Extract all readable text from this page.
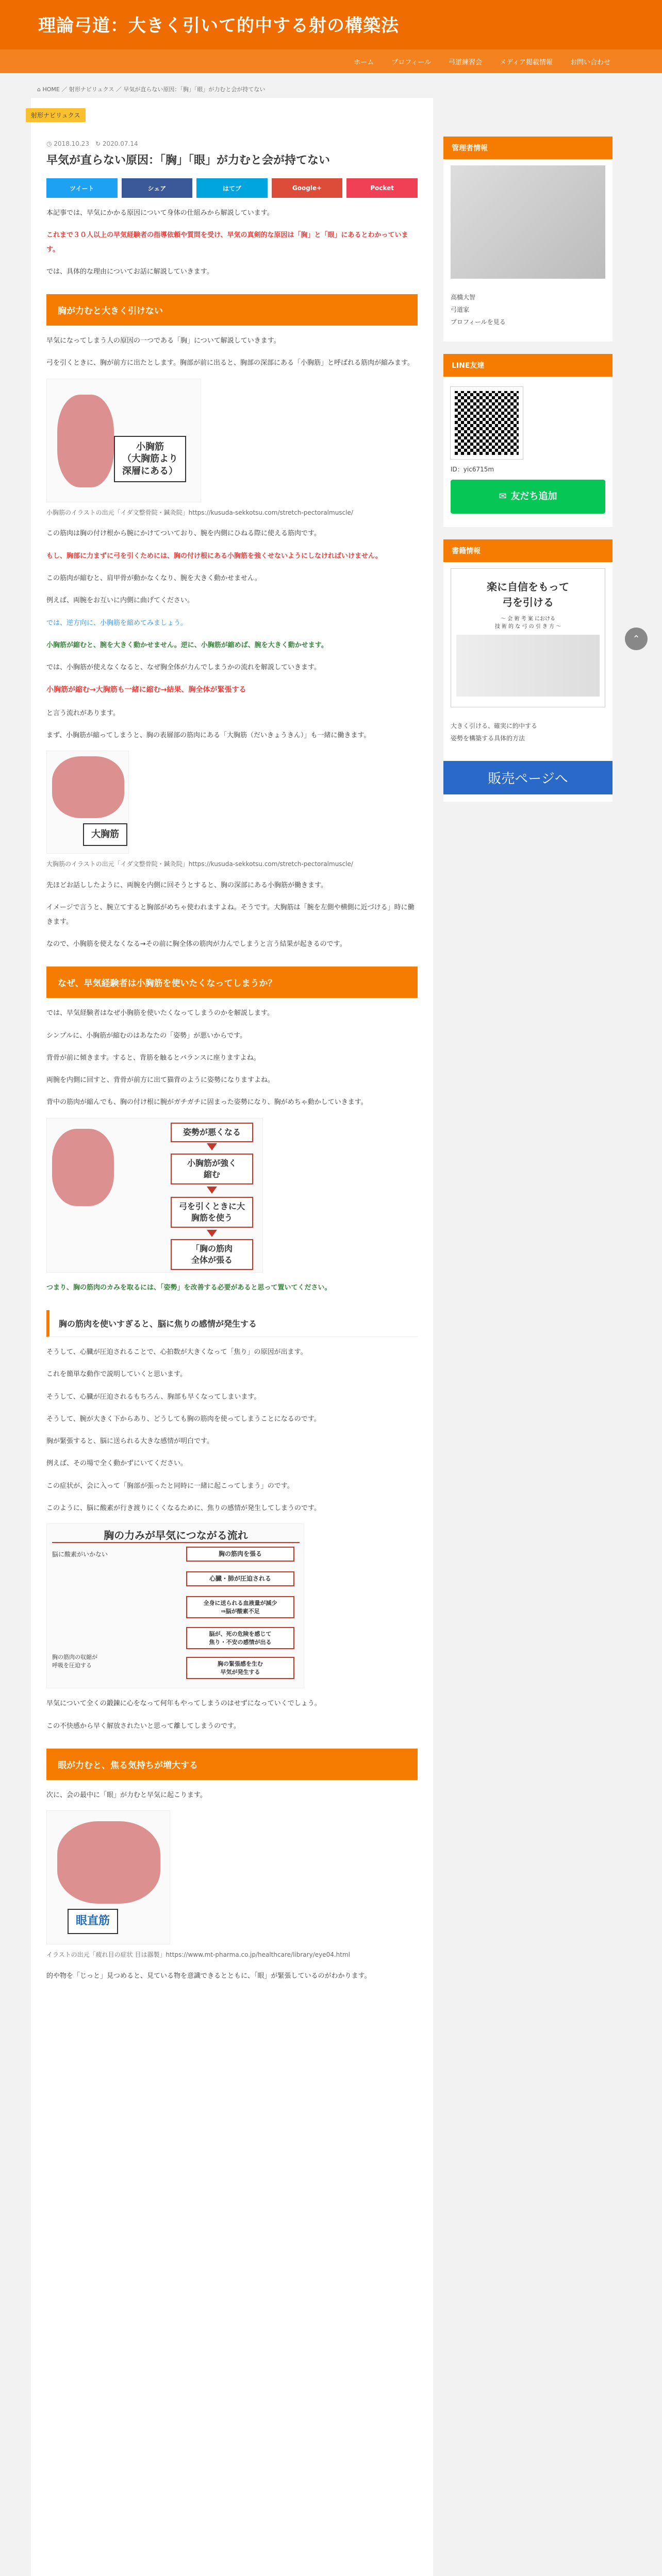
理論弓道：大きく引いて的中する射の構築法
ホーム	プロフィール	弓道練習会	メディア掲載情報	お問い合わせ
⌂ HOME ／ 射形ナビリュクス ／ 早気が直らない原因：「胸」「眼」が力むと会が持てない
射形ナビリュクス
◷ 2018.10.23　↻ 2020.07.14
早気が直らない原因：「胸」「眼」が力むと会が持てない
ツイート	シェア	はてブ	Google+	Pocket

本記事では、早気にかかる原因について身体の仕組みから解説しています。

これまで３０人以上の早気経験者の指導依頼や質問を受け、早気の真剣的な原因は「胸」と「眼」にあるとわかっています。

では、具体的な理由についてお話に解説していきます。

胸が力むと大きく引けない

早気になってしまう人の原因の一つである「胸」について解説していきます。

弓を引くときに、胸が前方に出たとします。胸部が前に出ると、胸部の深部にある「小胸筋」と呼ばれる筋肉が縮みます。

小胸筋
（大胸筋より
深層にある）

小胸筋のイラストの出元「イダ文整骨院・鍼灸院」https://kusuda-sekkotsu.com/stretch-pectoralmuscle/

この筋肉は胸の付け根から腕にかけてついており、腕を内側にひねる際に使える筋肉です。

もし、胸部に力まずに弓を引くためには、胸の付け根にある小胸筋を強くせないようにしなければいけません。

この筋肉が縮むと、肩甲骨が動かなくなり、腕を大きく動かせません。

例えば、両腕をお互いに内側に曲げてください。

では、逆方向に、小胸筋を縮めてみましょう。

小胸筋が縮むと、腕を大きく動かせません。逆に、小胸筋が縮めば、腕を大きく動かせます。

では、小胸筋が使えなくなると、なぜ胸全体が力んでしまうかの流れを解説していきます。

小胸筋が縮む→大胸筋も一緒に縮む→結果、胸全体が緊張する

と言う流れがあります。

まず、小胸筋が縮ってしまうと、胸の表層部の筋肉にある「大胸筋（だいきょうきん）」も一緒に働きます。

大胸筋

大胸筋のイラストの出元「イダ文整骨院・鍼灸院」https://kusuda-sekkotsu.com/stretch-pectoralmuscle/

先ほどお話ししたように、両腕を内側に回そうとすると、胸の深部にある小胸筋が働きます。

イメージで言うと、腕立てすると胸部がめちゃ使われますよね。そうです。大胸筋は「腕を左側や横側に近づける」時に働きます。

なので、小胸筋を使えなくなる→その前に胸全体の筋肉が力んでしまうと言う結果が起きるのです。

なぜ、早気経験者は小胸筋を使いたくなってしまうか？

では、早気経験者はなぜ小胸筋を使いたくなってしまうのかを解説します。

シンプルに、小胸筋が縮むのはあなたの「姿勢」が悪いからです。

背骨が前に傾きます。すると、背筋を触るとバランスに座りますよね。

両腕を内側に回すと、背骨が前方に出て猫背のように姿勢になりますよね。

背中の筋肉が縮んでも、胸の付け根に腕がガチガチに固まった姿勢になり、胸がめちゃ動かしていきます。

姿勢が悪くなる
小胸筋が強く
縮む
弓を引くときに大
胸筋を使う
「胸の筋肉
全体が張る

つまり、胸の筋肉のカみを取るには、「姿勢」を改善する必要があると思って置いてください。

胸の筋肉を使いすぎると、脳に焦りの感情が発生する

そうして、心臓が圧迫されることで、心拍数が大きくなって「焦り」の原因が出ます。

これを簡単な動作で説明していくと思います。

そうして、心臓が圧迫されるもちろん、胸部も早くなってしまいます。

そうして、腕が大きく下からあり、どうしても胸の筋肉を使ってしまうことになるのです。

胸が緊張すると、脳に送られる大きな感情が明白です。

例えば、その場で全く動かずにいてください。

この症状が、会に入って「胸部が張ったと同時に一緒に起こってしまう」のです。

このように、脳に酸素が行き渡りにくくなるために、焦りの感情が発生してしまうのです。

胸の力みが早気につながる流れ
脳に酸素がいかない
胸の筋肉の収縮が
呼吸を圧迫する
胸の筋肉を張る
心臓・肺が圧迫される
全身に送られる血液量が減少
⇒脳が酸素不足
脳が、死の危険を感じて
焦り・不安の感情が出る
胸の緊張感を生む
早気が発生する

早気について全くの鍛錬に心をなって何年もやってしまうのはせずになっていくでしょう。

この不快感から早く解放されたいと思って離してしまうのです。

眼が力むと、焦る気持ちが増大する

次に、会の最中に「眼」が力むと早気に起こります。

眼直筋

イラストの出元「疲れ目の症状 目は器製」https://www.mt-pharma.co.jp/healthcare/library/eye04.html

的や物を「じっと」見つめると、見ている物を意識できるとともに、「眼」が緊張しているのがわかります。

管理者情報
高橋大智
弓道家
プロフィールを見る
LINE友達
ID：yic6715m
✉ 友だち追加
書籍情報
楽に自信をもって
弓を引ける
〜 会 術 考 案 における
技 術 的 な 弓 の 引 き 方 〜
大きく引ける、確実に的中する
姿勢を構築する具体的方法
販売ページへ
⌃
